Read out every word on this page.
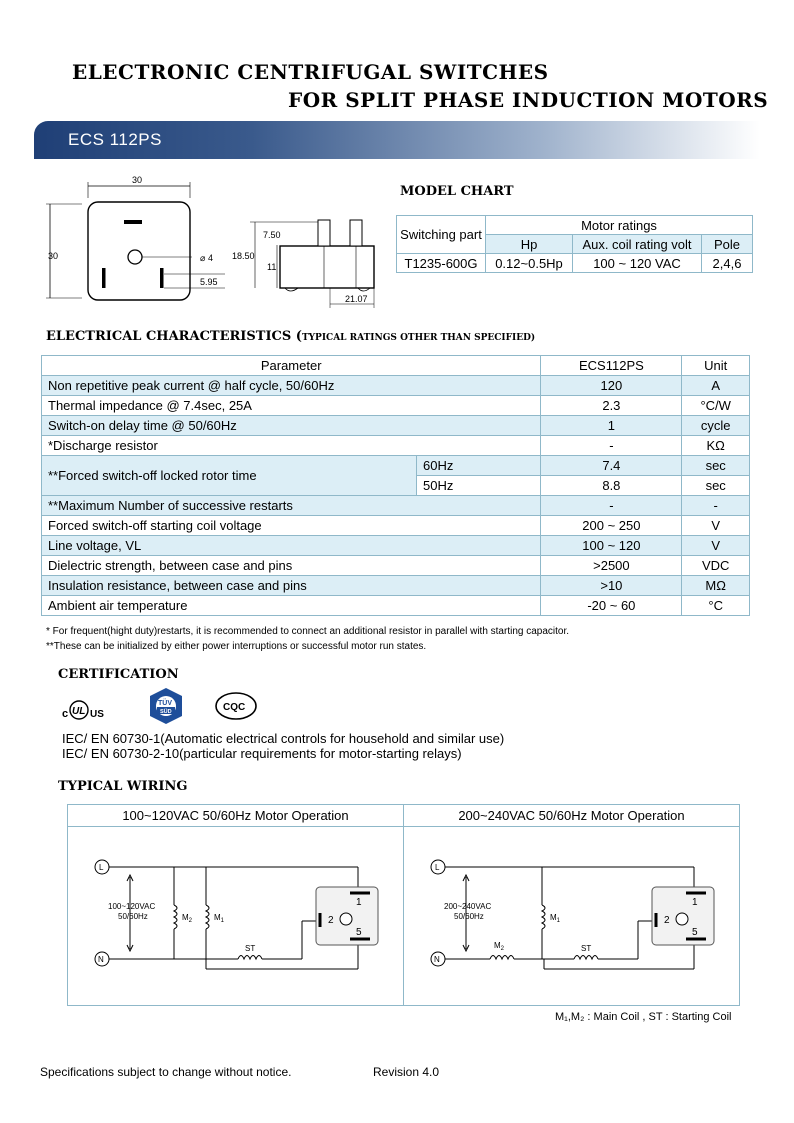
ELECTRONIC CENTRIFUGAL SWITCHES
FOR SPLIT PHASE INDUCTION MOTORS
ECS 112PS
30
30	⌀ 4
5.95
18.50
7.50
11
21.07
MODEL CHART
Switching part	Motor ratings		
	Hp	Aux. coil rating volt	Pole
T1235-600G	0.12~0.5Hp	100 ~ 120 VAC	2,4,6
ELECTRICAL CHARACTERISTICS (TYPICAL RATINGS OTHER THAN SPECIFIED)
Parameter		ECS112PS	Unit
Non repetitive peak current @ half cycle, 50/60Hz		120	A
Thermal impedance @ 7.4sec, 25A		2.3	°C/W
Switch-on delay time @ 50/60Hz		1	cycle
*Discharge resistor		-	KΩ
**Forced switch-off locked rotor time	60Hz	7.4	sec
	50Hz	8.8	sec
**Maximum Number of successive restarts		-	-
Forced switch-off starting coil voltage		200 ~ 250	V
Line voltage, VL		100 ~ 120	V
Dielectric strength, between case and pins		>2500	VDC
Insulation resistance, between case and pins		>10	MΩ
Ambient air temperature		-20 ~ 60	°C
* For frequent(hight duty)restarts, it is recommended to connect an additional resistor in parallel with starting capacitor.
**These can be initialized by either power interruptions or successful motor run states.
CERTIFICATION
c UL US
TÜV
SÜD	CQC
IEC/ EN 60730-1(Automatic electrical controls for household and similar use)
IEC/ EN 60730-2-10(particular requirements for motor-starting relays)
TYPICAL WIRING
100~120VAC 50/60Hz Motor Operation	200~240VAC 50/60Hz Motor Operation
L
N
100~120VAC
50/60Hz	$M_2$	$M_1$
ST
1
2
5
L
N
200~240VAC
50/60Hz
$M_2$
$M_1$
ST
1
2
5
M₁,M₂ : Main Coil , ST : Starting Coil
Specifications subject to change without notice.	Revision 4.0
